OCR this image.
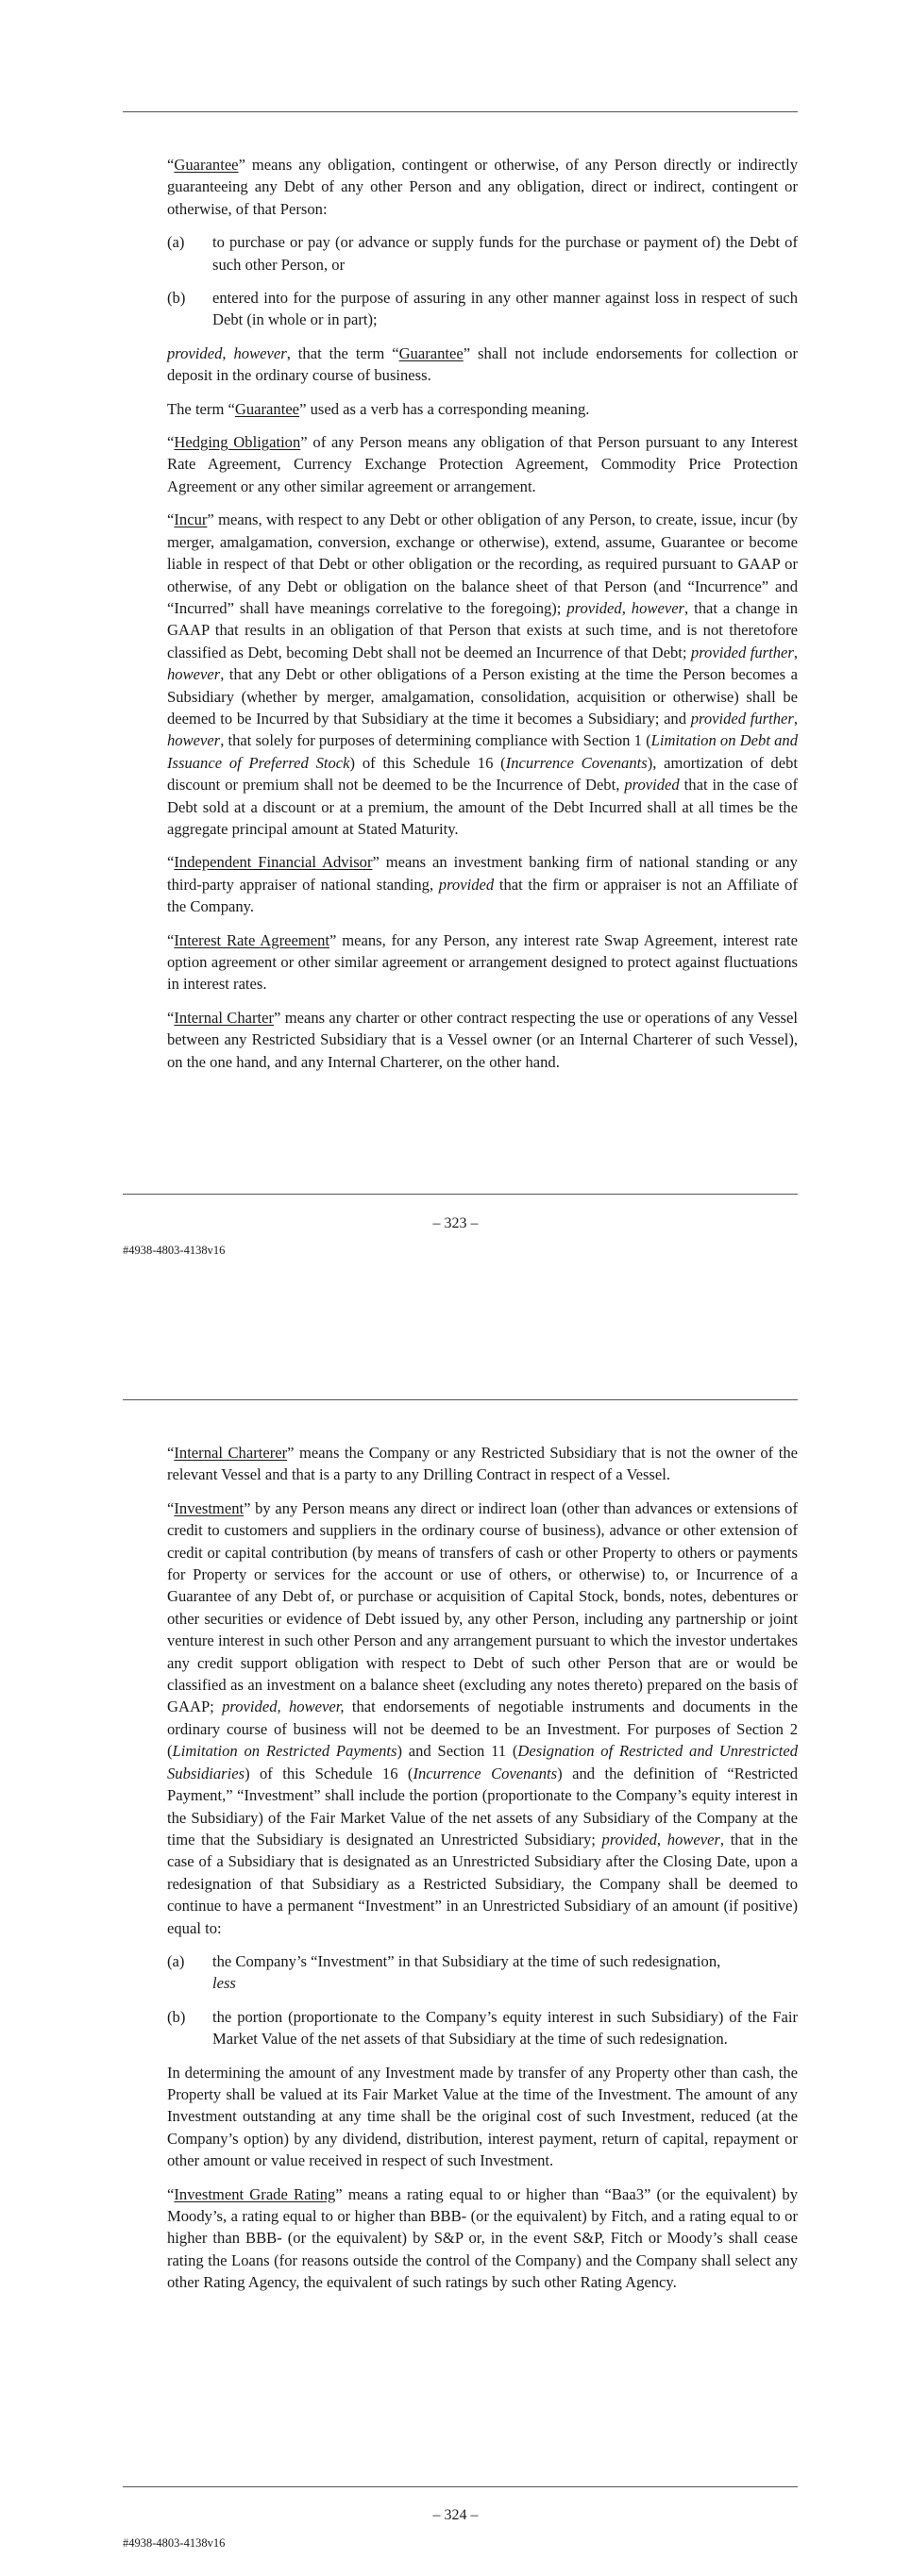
“Guarantee” means any obligation, contingent or otherwise, of any Person directly or indirectly guaranteeing any Debt of any other Person and any obligation, direct or indirect, contingent or otherwise, of that Person:

(a)	to purchase or pay (or advance or supply funds for the purchase or payment of) the Debt of such other Person, or
(b)	entered into for the purpose of assuring in any other manner against loss in respect of such Debt (in whole or in part);

provided, however, that the term “Guarantee” shall not include endorsements for collection or deposit in the ordinary course of business.

The term “Guarantee” used as a verb has a corresponding meaning.

“Hedging Obligation” of any Person means any obligation of that Person pursuant to any Interest Rate Agreement, Currency Exchange Protection Agreement, Commodity Price Protection Agreement or any other similar agreement or arrangement.

“Incur” means, with respect to any Debt or other obligation of any Person, to create, issue, incur (by merger, amalgamation, conversion, exchange or otherwise), extend, assume, Guarantee or become liable in respect of that Debt or other obligation or the recording, as required pursuant to GAAP or otherwise, of any Debt or obligation on the balance sheet of that Person (and “Incurrence” and “Incurred” shall have meanings correlative to the foregoing); provided, however, that a change in GAAP that results in an obligation of that Person that exists at such time, and is not theretofore classified as Debt, becoming Debt shall not be deemed an Incurrence of that Debt; provided further, however, that any Debt or other obligations of a Person existing at the time the Person becomes a Subsidiary (whether by merger, amalgamation, consolidation, acquisition or otherwise) shall be deemed to be Incurred by that Subsidiary at the time it becomes a Subsidiary; and provided further, however, that solely for purposes of determining compliance with Section 1 (Limitation on Debt and Issuance of Preferred Stock) of this Schedule 16 (Incurrence Covenants), amortization of debt discount or premium shall not be deemed to be the Incurrence of Debt, provided that in the case of Debt sold at a discount or at a premium, the amount of the Debt Incurred shall at all times be the aggregate principal amount at Stated Maturity.

“Independent Financial Advisor” means an investment banking firm of national standing or any third-party appraiser of national standing, provided that the firm or appraiser is not an Affiliate of the Company.

“Interest Rate Agreement” means, for any Person, any interest rate Swap Agreement, interest rate option agreement or other similar agreement or arrangement designed to protect against fluctuations in interest rates.

“Internal Charter” means any charter or other contract respecting the use or operations of any Vessel between any Restricted Subsidiary that is a Vessel owner (or an Internal Charterer of such Vessel), on the one hand, and any Internal Charterer, on the other hand.

– 323 –
#4938-4803-4138v16

“Internal Charterer” means the Company or any Restricted Subsidiary that is not the owner of the relevant Vessel and that is a party to any Drilling Contract in respect of a Vessel.

“Investment” by any Person means any direct or indirect loan (other than advances or extensions of credit to customers and suppliers in the ordinary course of business), advance or other extension of credit or capital contribution (by means of transfers of cash or other Property to others or payments for Property or services for the account or use of others, or otherwise) to, or Incurrence of a Guarantee of any Debt of, or purchase or acquisition of Capital Stock, bonds, notes, debentures or other securities or evidence of Debt issued by, any other Person, including any partnership or joint venture interest in such other Person and any arrangement pursuant to which the investor undertakes any credit support obligation with respect to Debt of such other Person that are or would be classified as an investment on a balance sheet (excluding any notes thereto) prepared on the basis of GAAP; provided, however, that endorsements of negotiable instruments and documents in the ordinary course of business will not be deemed to be an Investment. For purposes of Section 2 (Limitation on Restricted Payments) and Section 11 (Designation of Restricted and Unrestricted Subsidiaries) of this Schedule 16 (Incurrence Covenants) and the definition of “Restricted Payment,” “Investment” shall include the portion (proportionate to the Company’s equity interest in the Subsidiary) of the Fair Market Value of the net assets of any Subsidiary of the Company at the time that the Subsidiary is designated an Unrestricted Subsidiary; provided, however, that in the case of a Subsidiary that is designated as an Unrestricted Subsidiary after the Closing Date, upon a redesignation of that Subsidiary as a Restricted Subsidiary, the Company shall be deemed to continue to have a permanent “Investment” in an Unrestricted Subsidiary of an amount (if positive) equal to:

(a)	the Company’s “Investment” in that Subsidiary at the time of such redesignation,
less
(b)	the portion (proportionate to the Company’s equity interest in such Subsidiary) of the Fair Market Value of the net assets of that Subsidiary at the time of such redesignation.

In determining the amount of any Investment made by transfer of any Property other than cash, the Property shall be valued at its Fair Market Value at the time of the Investment. The amount of any Investment outstanding at any time shall be the original cost of such Investment, reduced (at the Company’s option) by any dividend, distribution, interest payment, return of capital, repayment or other amount or value received in respect of such Investment.

“Investment Grade Rating” means a rating equal to or higher than “Baa3” (or the equivalent) by Moody’s, a rating equal to or higher than BBB- (or the equivalent) by Fitch, and a rating equal to or higher than BBB- (or the equivalent) by S&P or, in the event S&P, Fitch or Moody’s shall cease rating the Loans (for reasons outside the control of the Company) and the Company shall select any other Rating Agency, the equivalent of such ratings by such other Rating Agency.

– 324 –
#4938-4803-4138v16
